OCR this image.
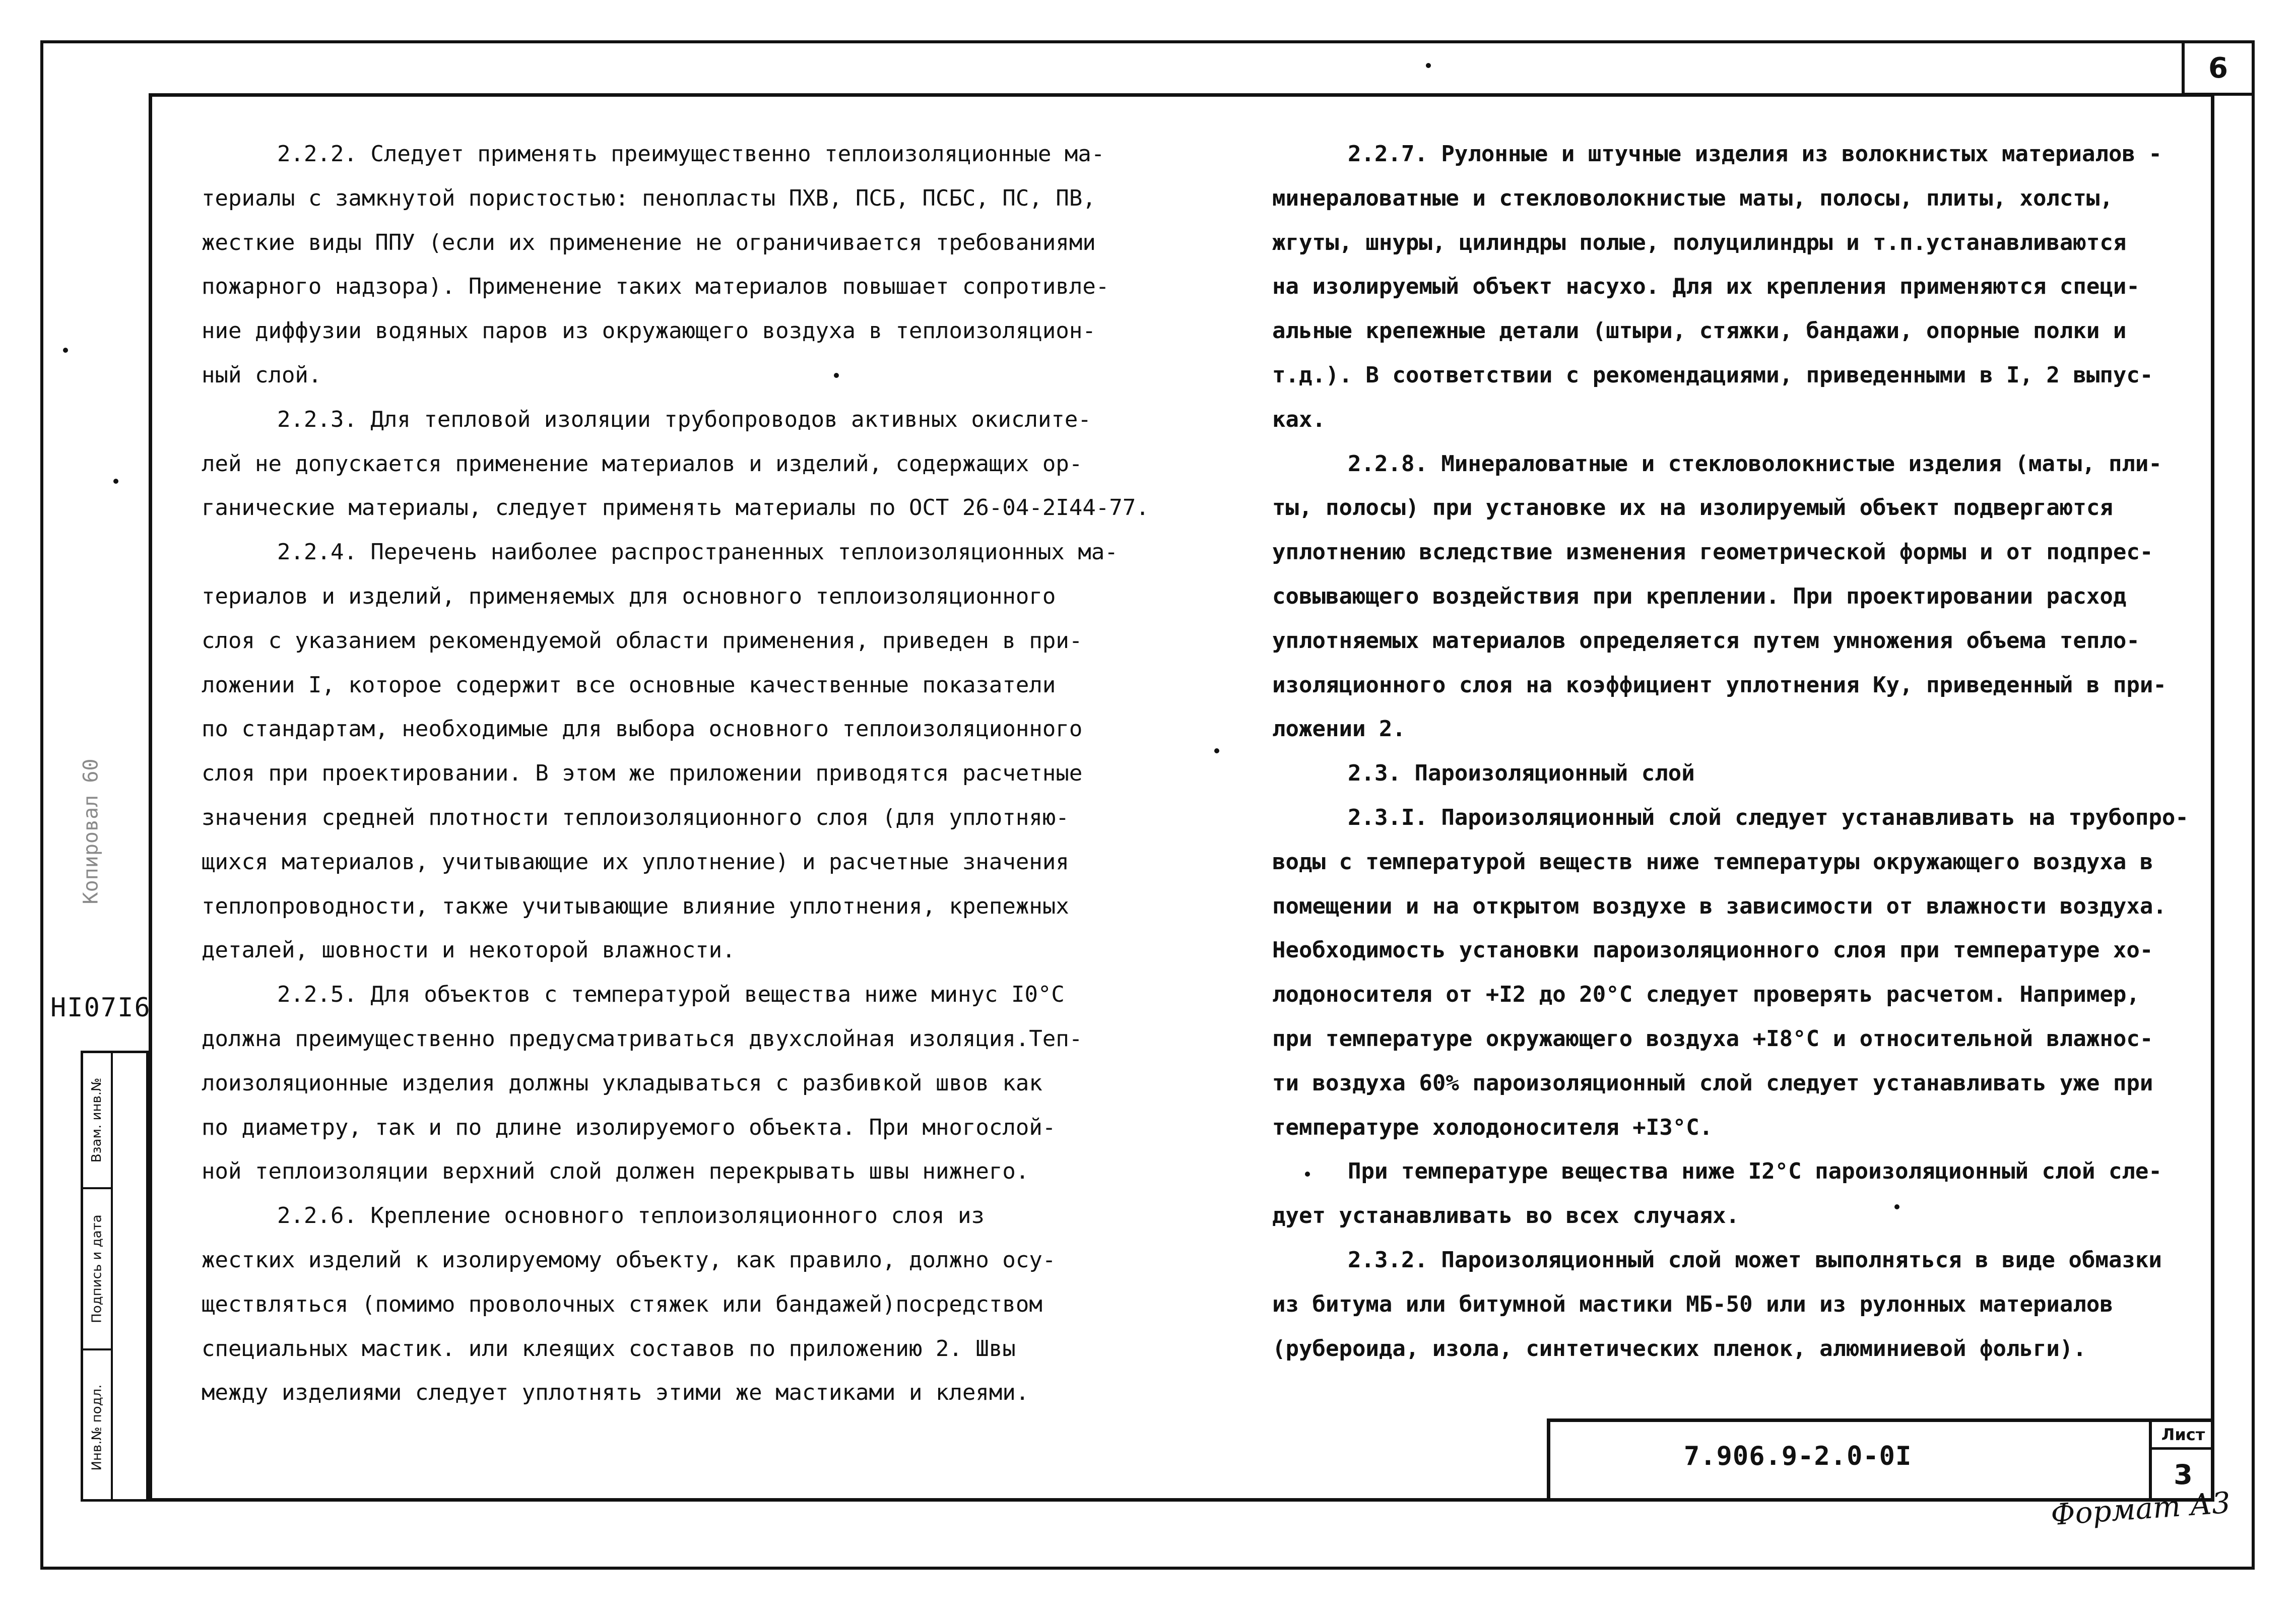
6
2.2.2. Следует применять преимущественно теплоизоляционные ма-
териалы с замкнутой пористостью: пенопласты ПХВ, ПСБ, ПСБС, ПС, ПВ,
жесткие виды ППУ (если их применение не ограничивается требованиями
пожарного надзора). Применение таких материалов повышает сопротивле-
ние диффузии водяных паров из окружающего воздуха в теплоизоляцион-
ный слой.
2.2.3. Для тепловой изоляции трубопроводов активных окислите-
лей не допускается применение материалов и изделий, содержащих ор-
ганические материалы, следует применять материалы по ОСТ 26-04-2I44-77.
2.2.4. Перечень наиболее распространенных теплоизоляционных ма-
териалов и изделий, применяемых для основного теплоизоляционного
слоя с указанием рекомендуемой области применения, приведен в при-
ложении I, которое содержит все основные качественные показатели
по стандартам, необходимые для выбора основного теплоизоляционного
слоя при проектировании. В этом же приложении приводятся расчетные
значения средней плотности теплоизоляционного слоя (для уплотняю-
щихся материалов, учитывающие их уплотнение) и расчетные значения
теплопроводности, также учитывающие влияние уплотнения, крепежных
деталей, шовности и некоторой влажности.
2.2.5. Для объектов с температурой вещества ниже минус I0°С
должна преимущественно предусматриваться двухслойная изоляция.Теп-
лоизоляционные изделия должны укладываться с разбивкой швов как
по диаметру, так и по длине изолируемого объекта. При многослой-
ной теплоизоляции верхний слой должен перекрывать швы нижнего.
2.2.6. Крепление основного теплоизоляционного слоя из
жестких изделий к изолируемому объекту, как правило, должно осу-
ществляться (помимо проволочных стяжек или бандажей)посредством
специальных мастик. или клеящих составов по приложению 2. Швы
между изделиями следует уплотнять этими же мастиками и клеями.
2.2.7. Рулонные и штучные изделия из волокнистых материалов -
минераловатные и стекловолокнистые маты, полосы, плиты, холсты,
жгуты, шнуры, цилиндры полые, полуцилиндры и т.п.устанавливаются
на изолируемый объект насухо. Для их крепления применяются специ-
альные крепежные детали (штыри, стяжки, бандажи, опорные полки и
т.д.). В соответствии с рекомендациями, приведенными в I, 2 выпус-
ках.
2.2.8. Минераловатные и стекловолокнистые изделия (маты, пли-
ты, полосы) при установке их на изолируемый объект подвергаются
уплотнению вследствие изменения геометрической формы и от подпрес-
совывающего воздействия при креплении. При проектировании расход
уплотняемых материалов определяется путем умножения объема тепло-
изоляционного слоя на коэффициент уплотнения Ку, приведенный в при-
ложении 2.
2.3. Пароизоляционный слой
2.3.I. Пароизоляционный слой следует устанавливать на трубопро-
воды с температурой веществ ниже температуры окружающего воздуха в
помещении и на открытом воздухе в зависимости от влажности воздуха.
Необходимость установки пароизоляционного слоя при температуре хо-
лодоносителя от +I2 до 20°С следует проверять расчетом. Например,
при температуре окружающего воздуха +I8°С и относительной влажнос-
ти воздуха 60% пароизоляционный слой следует устанавливать уже при
температуре холодоносителя +I3°С.
При температуре вещества ниже I2°С пароизоляционный слой сле-
дует устанавливать во всех случаях.
2.3.2. Пароизоляционный слой может выполняться в виде обмазки
из битума или битумной мастики МБ-50 или из рулонных материалов
(рубероида, изола, синтетических пленок, алюминиевой фольги).
Копировал 60
HI07I6
Инв.№ подл.
Подпись и дата
Взам. инв.№
7.906.9-2.0-0I
Лист
3
Формат А3
